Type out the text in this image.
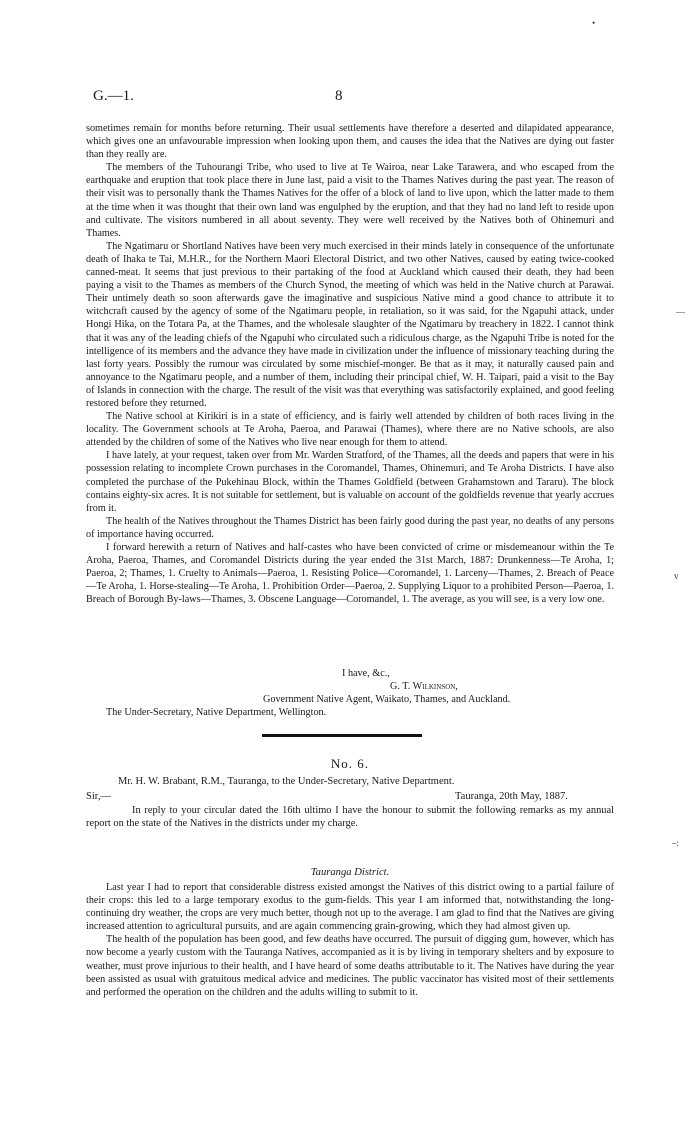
G.—1.	8

sometimes remain for months before returning. Their usual settlements have therefore a deserted and dilapidated appearance, which gives one an unfavourable impression when looking upon them, and causes the idea that the Natives are dying out faster than they really are.

The members of the Tuhourangi Tribe, who used to live at Te Wairoa, near Lake Tarawera, and who escaped from the earthquake and eruption that took place there in June last, paid a visit to the Thames Natives during the past year. The reason of their visit was to personally thank the Thames Natives for the offer of a block of land to live upon, which the latter made to them at the time when it was thought that their own land was engulphed by the eruption, and that they had no land left to reside upon and cultivate. The visitors numbered in all about seventy. They were well received by the Natives both of Ohinemuri and Thames.

The Ngatimaru or Shortland Natives have been very much exercised in their minds lately in consequence of the unfortunate death of Ihaka te Tai, M.H.R., for the Northern Maori Electoral District, and two other Natives, caused by eating twice-cooked canned-meat. It seems that just previous to their partaking of the food at Auckland which caused their death, they had been paying a visit to the Thames as members of the Church Synod, the meeting of which was held in the Native church at Parawai. Their untimely death so soon afterwards gave the imaginative and suspicious Native mind a good chance to attribute it to witchcraft caused by the agency of some of the Ngatimaru people, in retaliation, so it was said, for the Ngapuhi attack, under Hongi Hika, on the Totara Pa, at the Thames, and the wholesale slaughter of the Ngatimaru by treachery in 1822. I cannot think that it was any of the leading chiefs of the Ngapuhi who circulated such a ridiculous charge, as the Ngapuhi Tribe is noted for the intelligence of its members and the advance they have made in civilization under the influence of missionary teaching during the last forty years. Possibly the rumour was circulated by some mischief-monger. Be that as it may, it naturally caused pain and annoyance to the Ngatimaru people, and a number of them, including their principal chief, W. H. Taipari, paid a visit to the Bay of Islands in connection with the charge. The result of the visit was that everything was satisfactorily explained, and good feeling restored before they returned.

The Native school at Kirikiri is in a state of efficiency, and is fairly well attended by children of both races living in the locality. The Government schools at Te Aroha, Paeroa, and Parawai (Thames), where there are no Native schools, are also attended by the children of some of the Natives who live near enough for them to attend.

I have lately, at your request, taken over from Mr. Warden Stratford, of the Thames, all the deeds and papers that were in his possession relating to incomplete Crown purchases in the Coromandel, Thames, Ohinemuri, and Te Aroha Districts. I have also completed the purchase of the Pukehinau Block, within the Thames Goldfield (between Grahamstown and Tararu). The block contains eighty-six acres. It is not suitable for settlement, but is valuable on account of the goldfields revenue that yearly accrues from it.

The health of the Natives throughout the Thames District has been fairly good during the past year, no deaths of any persons of importance having occurred.

I forward herewith a return of Natives and half-castes who have been convicted of crime or misdemeanour within the Te Aroha, Paeroa, Thames, and Coromandel Districts during the year ended the 31st March, 1887: Drunkenness—Te Aroha, 1; Paeroa, 2; Thames, 1. Cruelty to Animals—Paeroa, 1. Resisting Police—Coromandel, 1. Larceny—Thames, 2. Breach of Peace—Te Aroha, 1. Horse-stealing—Te Aroha, 1. Prohibition Order—Paeroa, 2. Supplying Liquor to a prohibited Person—Paeroa, 1. Breach of Borough By-laws—Thames, 3. Obscene Language—Coromandel, 1. The average, as you will see, is a very low one.

I have, &c.,
G. T. Wilkinson,
Government Native Agent, Waikato, Thames, and Auckland.
The Under-Secretary, Native Department, Wellington.
No. 6.
Mr. H. W. Brabant, R.M., Tauranga, to the Under-Secretary, Native Department.
Sir,—	Tauranga, 20th May, 1887.

In reply to your circular dated the 16th ultimo I have the honour to submit the following remarks as my annual report on the state of the Natives in the districts under my charge.

Tauranga District.

Last year I had to report that considerable distress existed amongst the Natives of this district owing to a partial failure of their crops: this led to a large temporary exodus to the gum-fields. This year I am informed that, notwithstanding the long-continuing dry weather, the crops are very much better, though not up to the average. I am glad to find that the Natives are giving increased attention to agricultural pursuits, and are again commencing grain-growing, which they had almost given up.

The health of the population has been good, and few deaths have occurred. The pursuit of digging gum, however, which has now become a yearly custom with the Tauranga Natives, accompanied as it is by living in temporary shelters and by exposure to weather, must prove injurious to their health, and I have heard of some deaths attributable to it. The Natives have during the year been assisted as usual with gratuitous medical advice and medicines. The public vaccinator has visited most of their settlements and performed the operation on the children and the adults willing to submit to it.

•
—
v
–:
